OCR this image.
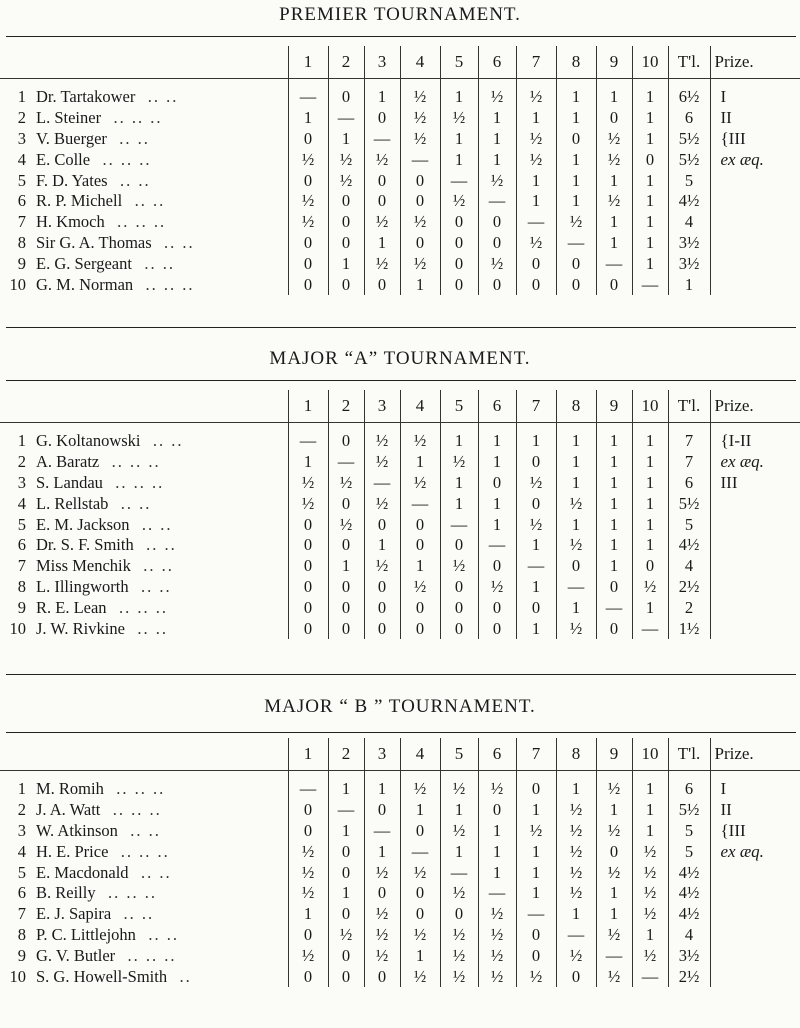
PREMIER TOURNAMENT.
	1	2	3	4	5	6	7	8	9	10	T'l.	Prize.

1 Dr. Tartakower .. ..	—	0	1	½	1	½	½	1	1	1	6½	I
2 L. Steiner .. .. ..	1	—	0	½	½	1	1	1	0	1	6	II
3 V. Buerger .. ..	0	1	—	½	1	1	½	0	½	1	5½	{III
4 E. Colle .. .. ..	½	½	½	—	1	1	½	1	½	0	5½	ex æq.
5 F. D. Yates .. ..	0	½	0	0	—	½	1	1	1	1	5	
6 R. P. Michell .. ..	½	0	0	0	½	—	1	1	½	1	4½	
7 H. Kmoch .. .. ..	½	0	½	½	0	0	—	½	1	1	4	
8 Sir G. A. Thomas .. ..	0	0	1	0	0	0	½	—	1	1	3½	
9 E. G. Sergeant .. ..	0	1	½	½	0	½	0	0	—	1	3½	
10 G. M. Norman .. .. ..	0	0	0	1	0	0	0	0	0	—	1	
MAJOR “A” TOURNAMENT.
	1	2	3	4	5	6	7	8	9	10	T'l.	Prize.

1 G. Koltanowski .. ..	—	0	½	½	1	1	1	1	1	1	7	{I-II
2 A. Baratz .. .. ..	1	—	½	1	½	1	0	1	1	1	7	ex æq.
3 S. Landau .. .. ..	½	½	—	½	1	0	½	1	1	1	6	III
4 L. Rellstab .. ..	½	0	½	—	1	1	0	½	1	1	5½	
5 E. M. Jackson .. ..	0	½	0	0	—	1	½	1	1	1	5	
6 Dr. S. F. Smith .. ..	0	0	1	0	0	—	1	½	1	1	4½	
7 Miss Menchik .. ..	0	1	½	1	½	0	—	0	1	0	4	
8 L. Illingworth .. ..	0	0	0	½	0	½	1	—	0	½	2½	
9 R. E. Lean .. .. ..	0	0	0	0	0	0	0	1	—	1	2	
10 J. W. Rivkine .. ..	0	0	0	0	0	0	1	½	0	—	1½	
MAJOR “ B ” TOURNAMENT.
	1	2	3	4	5	6	7	8	9	10	T'l.	Prize.

1 M. Romih .. .. ..	—	1	1	½	½	½	0	1	½	1	6	I
2 J. A. Watt .. .. ..	0	—	0	1	1	0	1	½	1	1	5½	II
3 W. Atkinson .. ..	0	1	—	0	½	1	½	½	½	1	5	{III
4 H. E. Price .. .. ..	½	0	1	—	1	1	1	½	0	½	5	ex æq.
5 E. Macdonald .. ..	½	0	½	½	—	1	1	½	½	½	4½	
6 B. Reilly .. .. ..	½	1	0	0	½	—	1	½	1	½	4½	
7 E. J. Sapira .. ..	1	0	½	0	0	½	—	1	1	½	4½	
8 P. C. Littlejohn .. ..	0	½	½	½	½	½	0	—	½	1	4	
9 G. V. Butler .. .. ..	½	0	½	1	½	½	0	½	—	½	3½	
10 S. G. Howell-Smith ..	0	0	0	½	½	½	½	0	½	—	2½	
